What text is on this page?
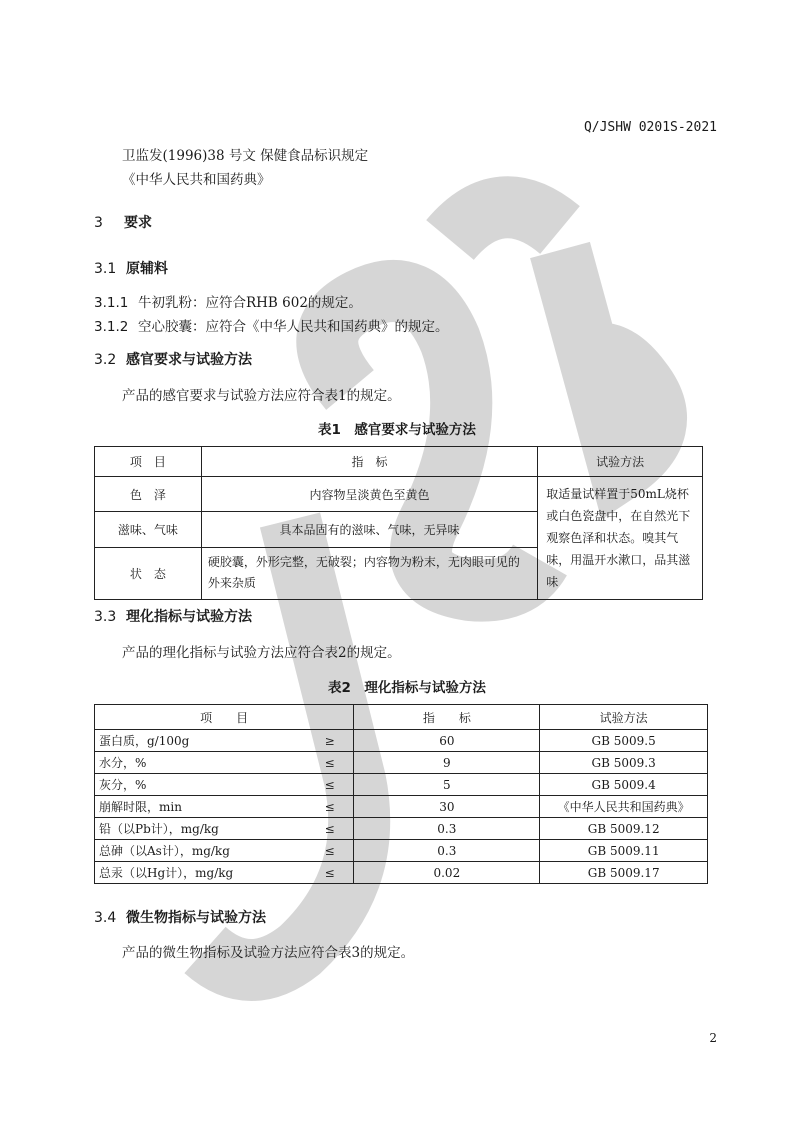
JSSB
Q/JSHW 0201S-2021
卫监发(1996)38 号文 保健食品标识规定
《中华人民共和国药典》
3 要求
3.1 原辅料
3.1.1 牛初乳粉：应符合RHB 602的规定。
3.1.2 空心胶囊：应符合《中华人民共和国药典》的规定。
3.2 感官要求与试验方法
产品的感官要求与试验方法应符合表1的规定。
表1　感官要求与试验方法
项　目	指　标	试验方法
色　泽	内容物呈淡黄色至黄色	取适量试样置于50mL烧杯或白色瓷盘中，在自然光下观察色泽和状态。嗅其气味，用温开水漱口，品其滋味
滋味、气味	具本品固有的滋味、气味，无异味	
状　态	硬胶囊，外形完整，无破裂；内容物为粉末，无肉眼可见的外来杂质	
3.3 理化指标与试验方法
产品的理化指标与试验方法应符合表2的规定。
表2　理化指标与试验方法
项　　目		指　　标	试验方法
蛋白质，g/100g	≥	60	GB 5009.5
水分，%	≤	9	GB 5009.3
灰分，%	≤	5	GB 5009.4
崩解时限，min	≤	30	《中华人民共和国药典》
铅（以Pb计），mg/kg	≤	0.3	GB 5009.12
总砷（以As计），mg/kg	≤	0.3	GB 5009.11
总汞（以Hg计），mg/kg	≤	0.02	GB 5009.17
3.4 微生物指标与试验方法
产品的微生物指标及试验方法应符合表3的规定。
2
